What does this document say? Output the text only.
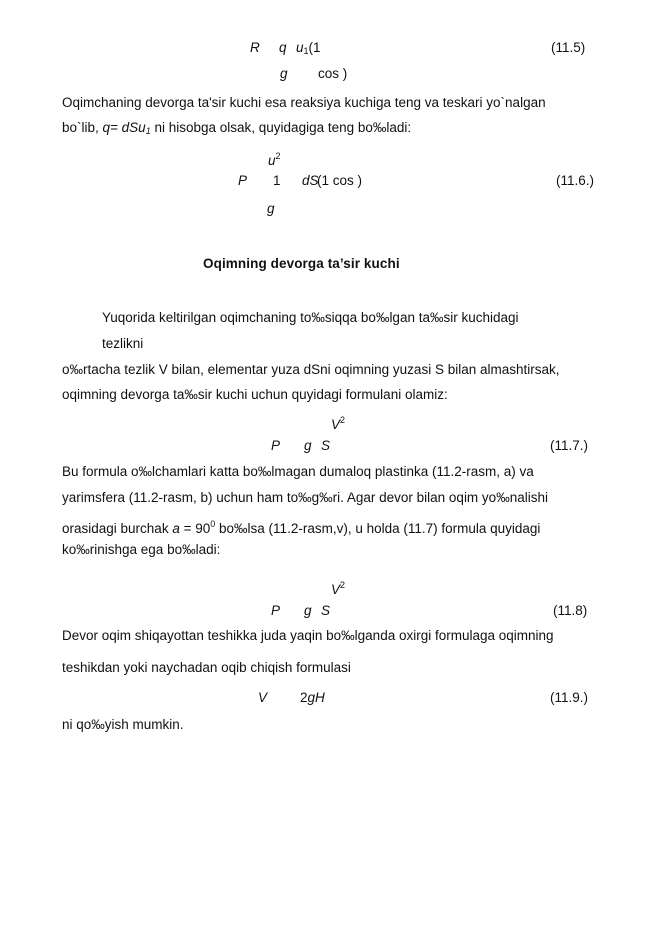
R q $u_1(1$	(11.5)
g cos )
Oqimchaning devorga ta'sir kuchi esa reaksiya kuchiga teng va teskari yo`nalgan
bo`lib, q= dSu$_1$ ni hisobga olsak, quyidagiga teng bo‰ladi:
$u^2$
P 1 dS
(1 cos )	(11.6.)
g
Oqimning devorga ta’sir kuchi
Yuqorida keltirilgan oqimchaning to‰siqqa bo‰lgan ta‰sir kuchidagi
tezlikni
o‰rtacha tezlik V bilan, elementar yuza dSni oqimning yuzasi S bilan almashtirsak,
oqimning devorga ta‰sir kuchi uchun quyidagi formulani olamiz:
$V^2$
P g S	(11.7.)
Bu formula o‰lchamlari katta bo‰lmagan dumaloq plastinka (11.2-rasm, a) va
yarimsfera (11.2-rasm, b) uchun ham to‰g‰ri. Agar devor bilan oqim yo‰nalishi
orasidagi burchak $a = 90^0$ bo‰lsa (11.2-rasm,v), u holda (11.7) formula quyidagi
ko‰rinishga ega bo‰ladi:
$V^2$
P g S	(11.8)
Devor oqim shiqayottan teshikka juda yaqin bo‰lganda oxirgi formulaga oqimning
teshikdan yoki naychadan oqib chiqish formulasi
V 2gH	(11.9.)
ni qo‰yish mumkin.
